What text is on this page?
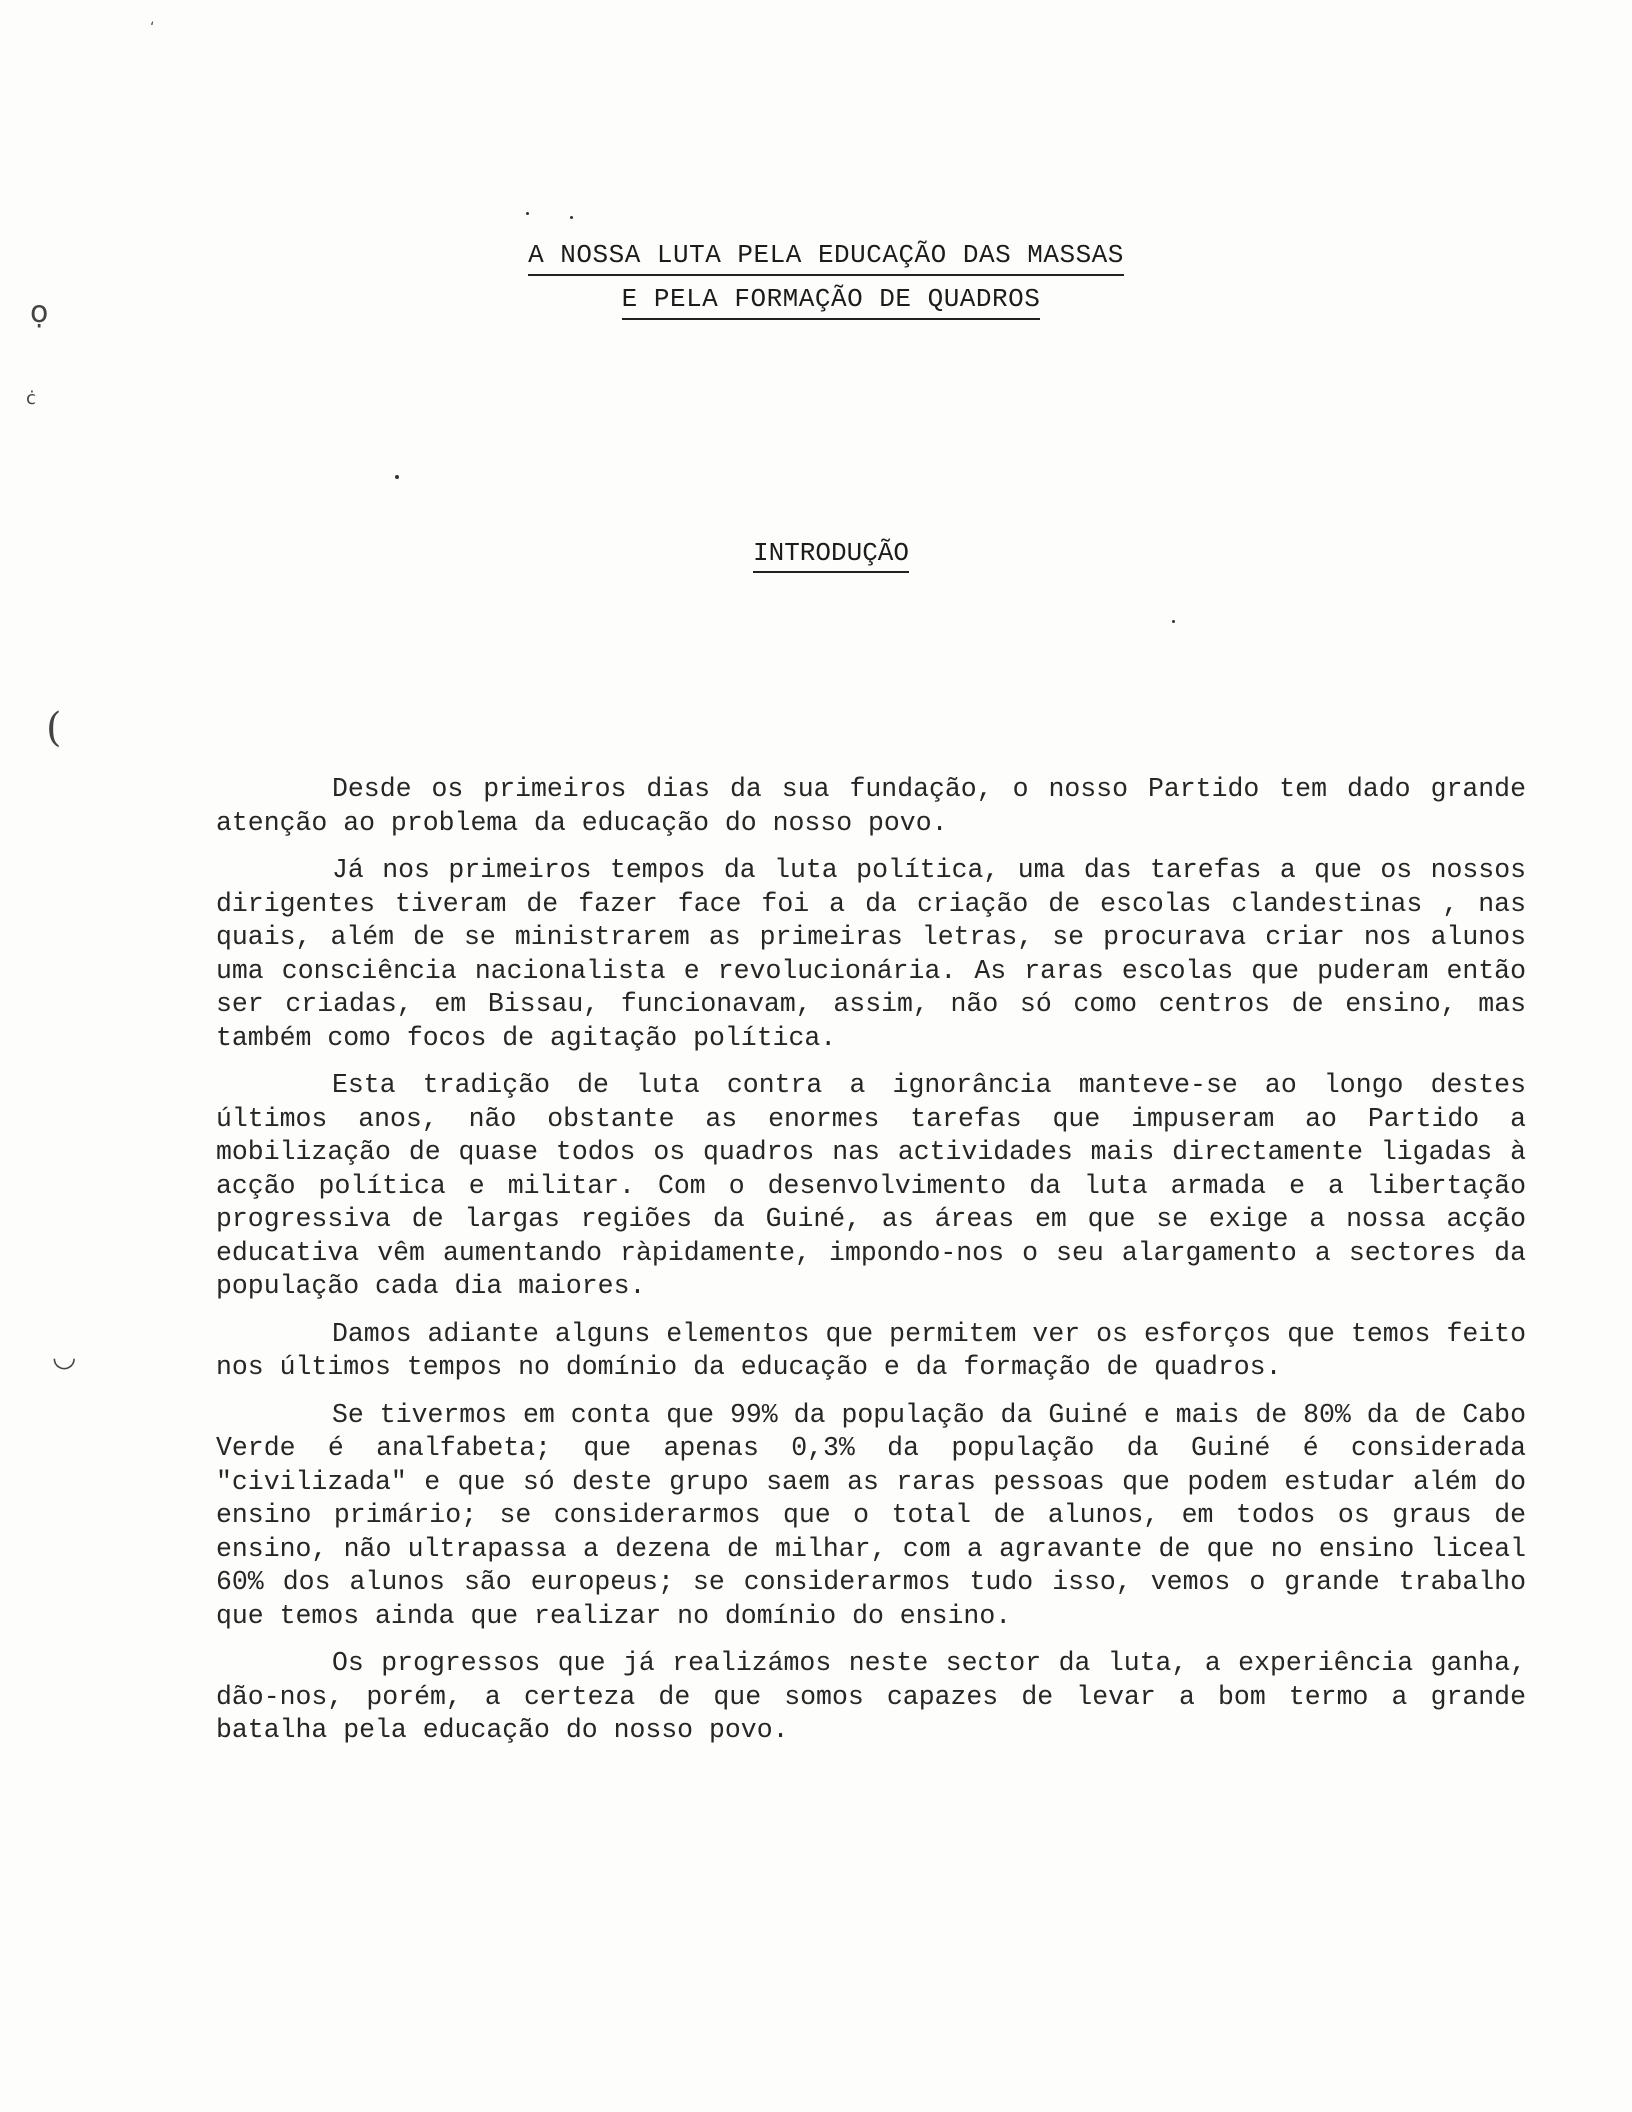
‘
ọ
ċ
(
◡
A NOSSA LUTA PELA EDUCAÇÃO DAS MASSAS
E PELA FORMAÇÃO DE QUADROS
INTRODUÇÃO

Desde os primeiros dias da sua fundação, o nosso Partido tem dado grande atenção ao problema da educação do nosso povo.

Já nos primeiros tempos da luta política, uma das tarefas a que os nossos dirigentes tiveram de fazer face foi a da criação de escolas clandestinas , nas quais, além de se ministrarem as primeiras letras, se procurava criar nos alunos uma consciência nacionalista e revolucionária. As raras escolas que puderam então ser criadas, em Bissau, funcionavam, assim, não só como centros de ensino, mas também como focos de agitação política.

Esta tradição de luta contra a ignorância manteve-se ao longo destes últimos anos, não obstante as enormes tarefas que impuseram ao Partido a mobilização de quase todos os quadros nas actividades mais directamente ligadas à acção política e militar. Com o desenvolvimento da luta armada e a libertação progressiva de largas regiões da Guiné, as áreas em que se exige a nossa acção educativa vêm aumentando ràpidamente, impondo-nos o seu alargamento a sectores da população cada dia maiores.

Damos adiante alguns elementos que permitem ver os esforços que temos feito nos últimos tempos no domínio da educação e da formação de quadros.

Se tivermos em conta que 99% da população da Guiné e mais de 80% da de Cabo Verde é analfabeta; que apenas 0,3% da população da Guiné é considerada "civilizada" e que só deste grupo saem as raras pessoas que podem estudar além do ensino primário; se considerarmos que o total de alunos, em todos os graus de ensino, não ultrapassa a dezena de milhar, com a agravante de que no ensino liceal 60% dos alunos são europeus; se considerarmos tudo isso, vemos o grande trabalho que temos ainda que realizar no domínio do ensino.

Os progressos que já realizámos neste sector da luta, a experiência ganha, dão-nos, porém, a certeza de que somos capazes de levar a bom termo a grande batalha pela educação do nosso povo.
